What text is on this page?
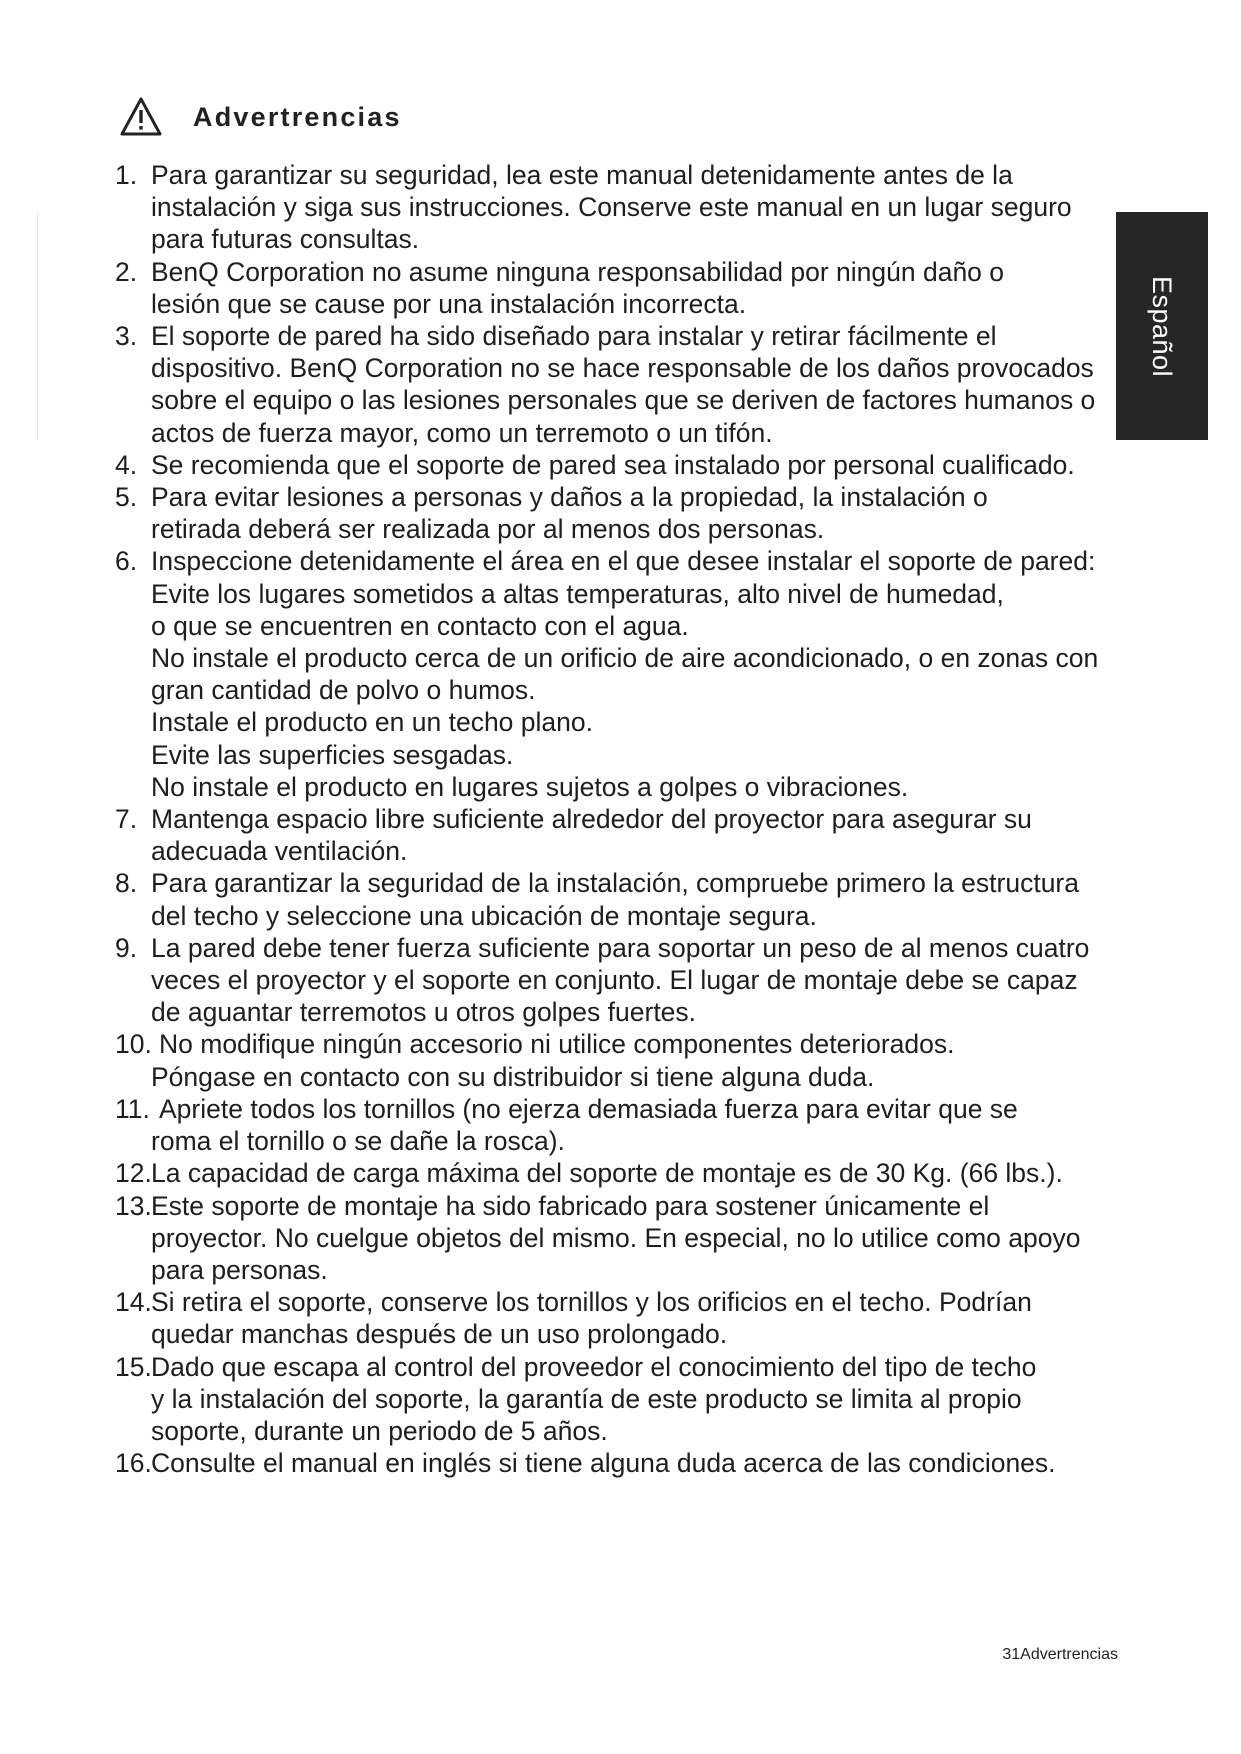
Español
Advertrencias
1. Para garantizar su seguridad, lea este manual detenidamente antes de la
instalación y siga sus instrucciones. Conserve este manual en un lugar seguro
para futuras consultas.
2. BenQ Corporation no asume ninguna responsabilidad por ningún daño o
lesión que se cause por una instalación incorrecta.
3. El soporte de pared ha sido diseñado para instalar y retirar fácilmente el
dispositivo. BenQ Corporation no se hace responsable de los daños provocados
sobre el equipo o las lesiones personales que se deriven de factores humanos o
actos de fuerza mayor, como un terremoto o un tifón.
4. Se recomienda que el soporte de pared sea instalado por personal cualificado.
5. Para evitar lesiones a personas y daños a la propiedad, la instalación o
retirada deberá ser realizada por al menos dos personas.
6. Inspeccione detenidamente el área en el que desee instalar el soporte de pared:
Evite los lugares sometidos a altas temperaturas, alto nivel de humedad,
o que se encuentren en contacto con el agua.
No instale el producto cerca de un orificio de aire acondicionado, o en zonas con
gran cantidad de polvo o humos.
Instale el producto en un techo plano.
Evite las superficies sesgadas.
No instale el producto en lugares sujetos a golpes o vibraciones.
7. Mantenga espacio libre suficiente alrededor del proyector para asegurar su
adecuada ventilación.
8. Para garantizar la seguridad de la instalación, compruebe primero la estructura
del techo y seleccione una ubicación de montaje segura.
9. La pared debe tener fuerza suficiente para soportar un peso de al menos cuatro
veces el proyector y el soporte en conjunto. El lugar de montaje debe se capaz
de aguantar terremotos u otros golpes fuertes.
10. No modifique ningún accesorio ni utilice componentes deteriorados.
Póngase en contacto con su distribuidor si tiene alguna duda.
11. Apriete todos los tornillos (no ejerza demasiada fuerza para evitar que se
roma el tornillo o se dañe la rosca).
12. La capacidad de carga máxima del soporte de montaje es de 30 Kg. (66 lbs.).
13. Este soporte de montaje ha sido fabricado para sostener únicamente el
proyector. No cuelgue objetos del mismo. En especial, no lo utilice como apoyo
para personas.
14. Si retira el soporte, conserve los tornillos y los orificios en el techo. Podrían
quedar manchas después de un uso prolongado.
15. Dado que escapa al control del proveedor el conocimiento del tipo de techo
y la instalación del soporte, la garantía de este producto se limita al propio
soporte, durante un periodo de 5 años.
16. Consulte el manual en inglés si tiene alguna duda acerca de las condiciones.
31Advertrencias
